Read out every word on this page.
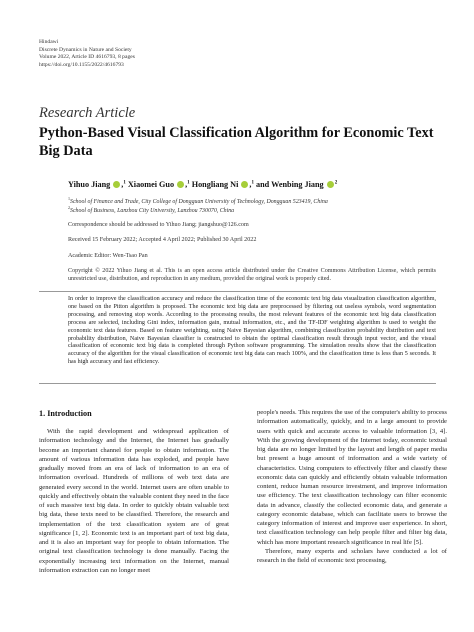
Hindawi
Discrete Dynamics in Nature and Society
Volume 2022, Article ID 4616793, 8 pages
https://doi.org/10.1155/2022/4616793
Research Article
Python-Based Visual Classification Algorithm for Economic Text Big Data
Yihuo Jiang ,$^1$ Xiaomei Guo ,$^1$ Hongliang Ni ,$^1$ and Wenbing Jiang $^2$
$^1$School of Finance and Trade, City College of Dongguan University of Technology, Dongguan 523419, China
$^2$School of Business, Lanzhou City University, Lanzhou 730070, China
Correspondence should be addressed to Yihuo Jiang; jiangshuo@126.com
Received 15 February 2022; Accepted 4 April 2022; Published 30 April 2022
Academic Editor: Wen-Tsao Pan
Copyright © 2022 Yihuo Jiang et al. This is an open access article distributed under the Creative Commons Attribution License, which permits unrestricted use, distribution, and reproduction in any medium, provided the original work is properly cited.
In order to improve the classification accuracy and reduce the classification time of the economic text big data visualization classification algorithm, one based on the Pitton algorithm is proposed. The economic text big data are preprocessed by filtering out useless symbols, word segmentation processing, and removing stop words. According to the processing results, the most relevant features of the economic text big data classification process are selected, including Gini index, information gain, mutual information, etc., and the TF-IDF weighting algorithm is used to weight the economic text data features. Based on feature weighting, using Naive Bayesian algorithm, combining classification probability distribution and text probability distribution, Naive Bayesian classifier is constructed to obtain the optimal classification result through input vector, and the visual classification of economic text big data is completed through Python software programming. The simulation results show that the classification accuracy of the algorithm for the visual classification of economic text big data can reach 100%, and the classification time is less than 5 seconds. It has high accuracy and fast efficiency.
1. Introduction

With the rapid development and widespread application of information technology and the Internet, the Internet has gradually become an important channel for people to obtain information. The amount of various information data has exploded, and people have gradually moved from an era of lack of information to an era of information overload. Hundreds of millions of web text data are generated every second in the world. Internet users are often unable to quickly and effectively obtain the valuable content they need in the face of such massive text big data. In order to quickly obtain valuable text big data, these texts need to be classified. Therefore, the research and implementation of the text classification system are of great significance [1, 2]. Economic text is an important part of text big data, and it is also an important way for people to obtain information. The original text classification technology is done manually. Facing the exponentially increasing text information on the Internet, manual information extraction can no longer meet

people's needs. This requires the use of the computer's ability to process information automatically, quickly, and in a large amount to provide users with quick and accurate access to valuable information [3, 4]. With the growing development of the Internet today, economic textual big data are no longer limited by the layout and length of paper media but present a huge amount of information and a wide variety of characteristics. Using computers to effectively filter and classify these economic data can quickly and efficiently obtain valuable information content, reduce human resource investment, and improve information use efficiency. The text classification technology can filter economic data in advance, classify the collected economic data, and generate a category economic database, which can facilitate users to browse the category information of interest and improve user experience. In short, text classification technology can help people filter and filter big data, which has more important research significance in real life [5].

Therefore, many experts and scholars have conducted a lot of research in the field of economic text processing,
